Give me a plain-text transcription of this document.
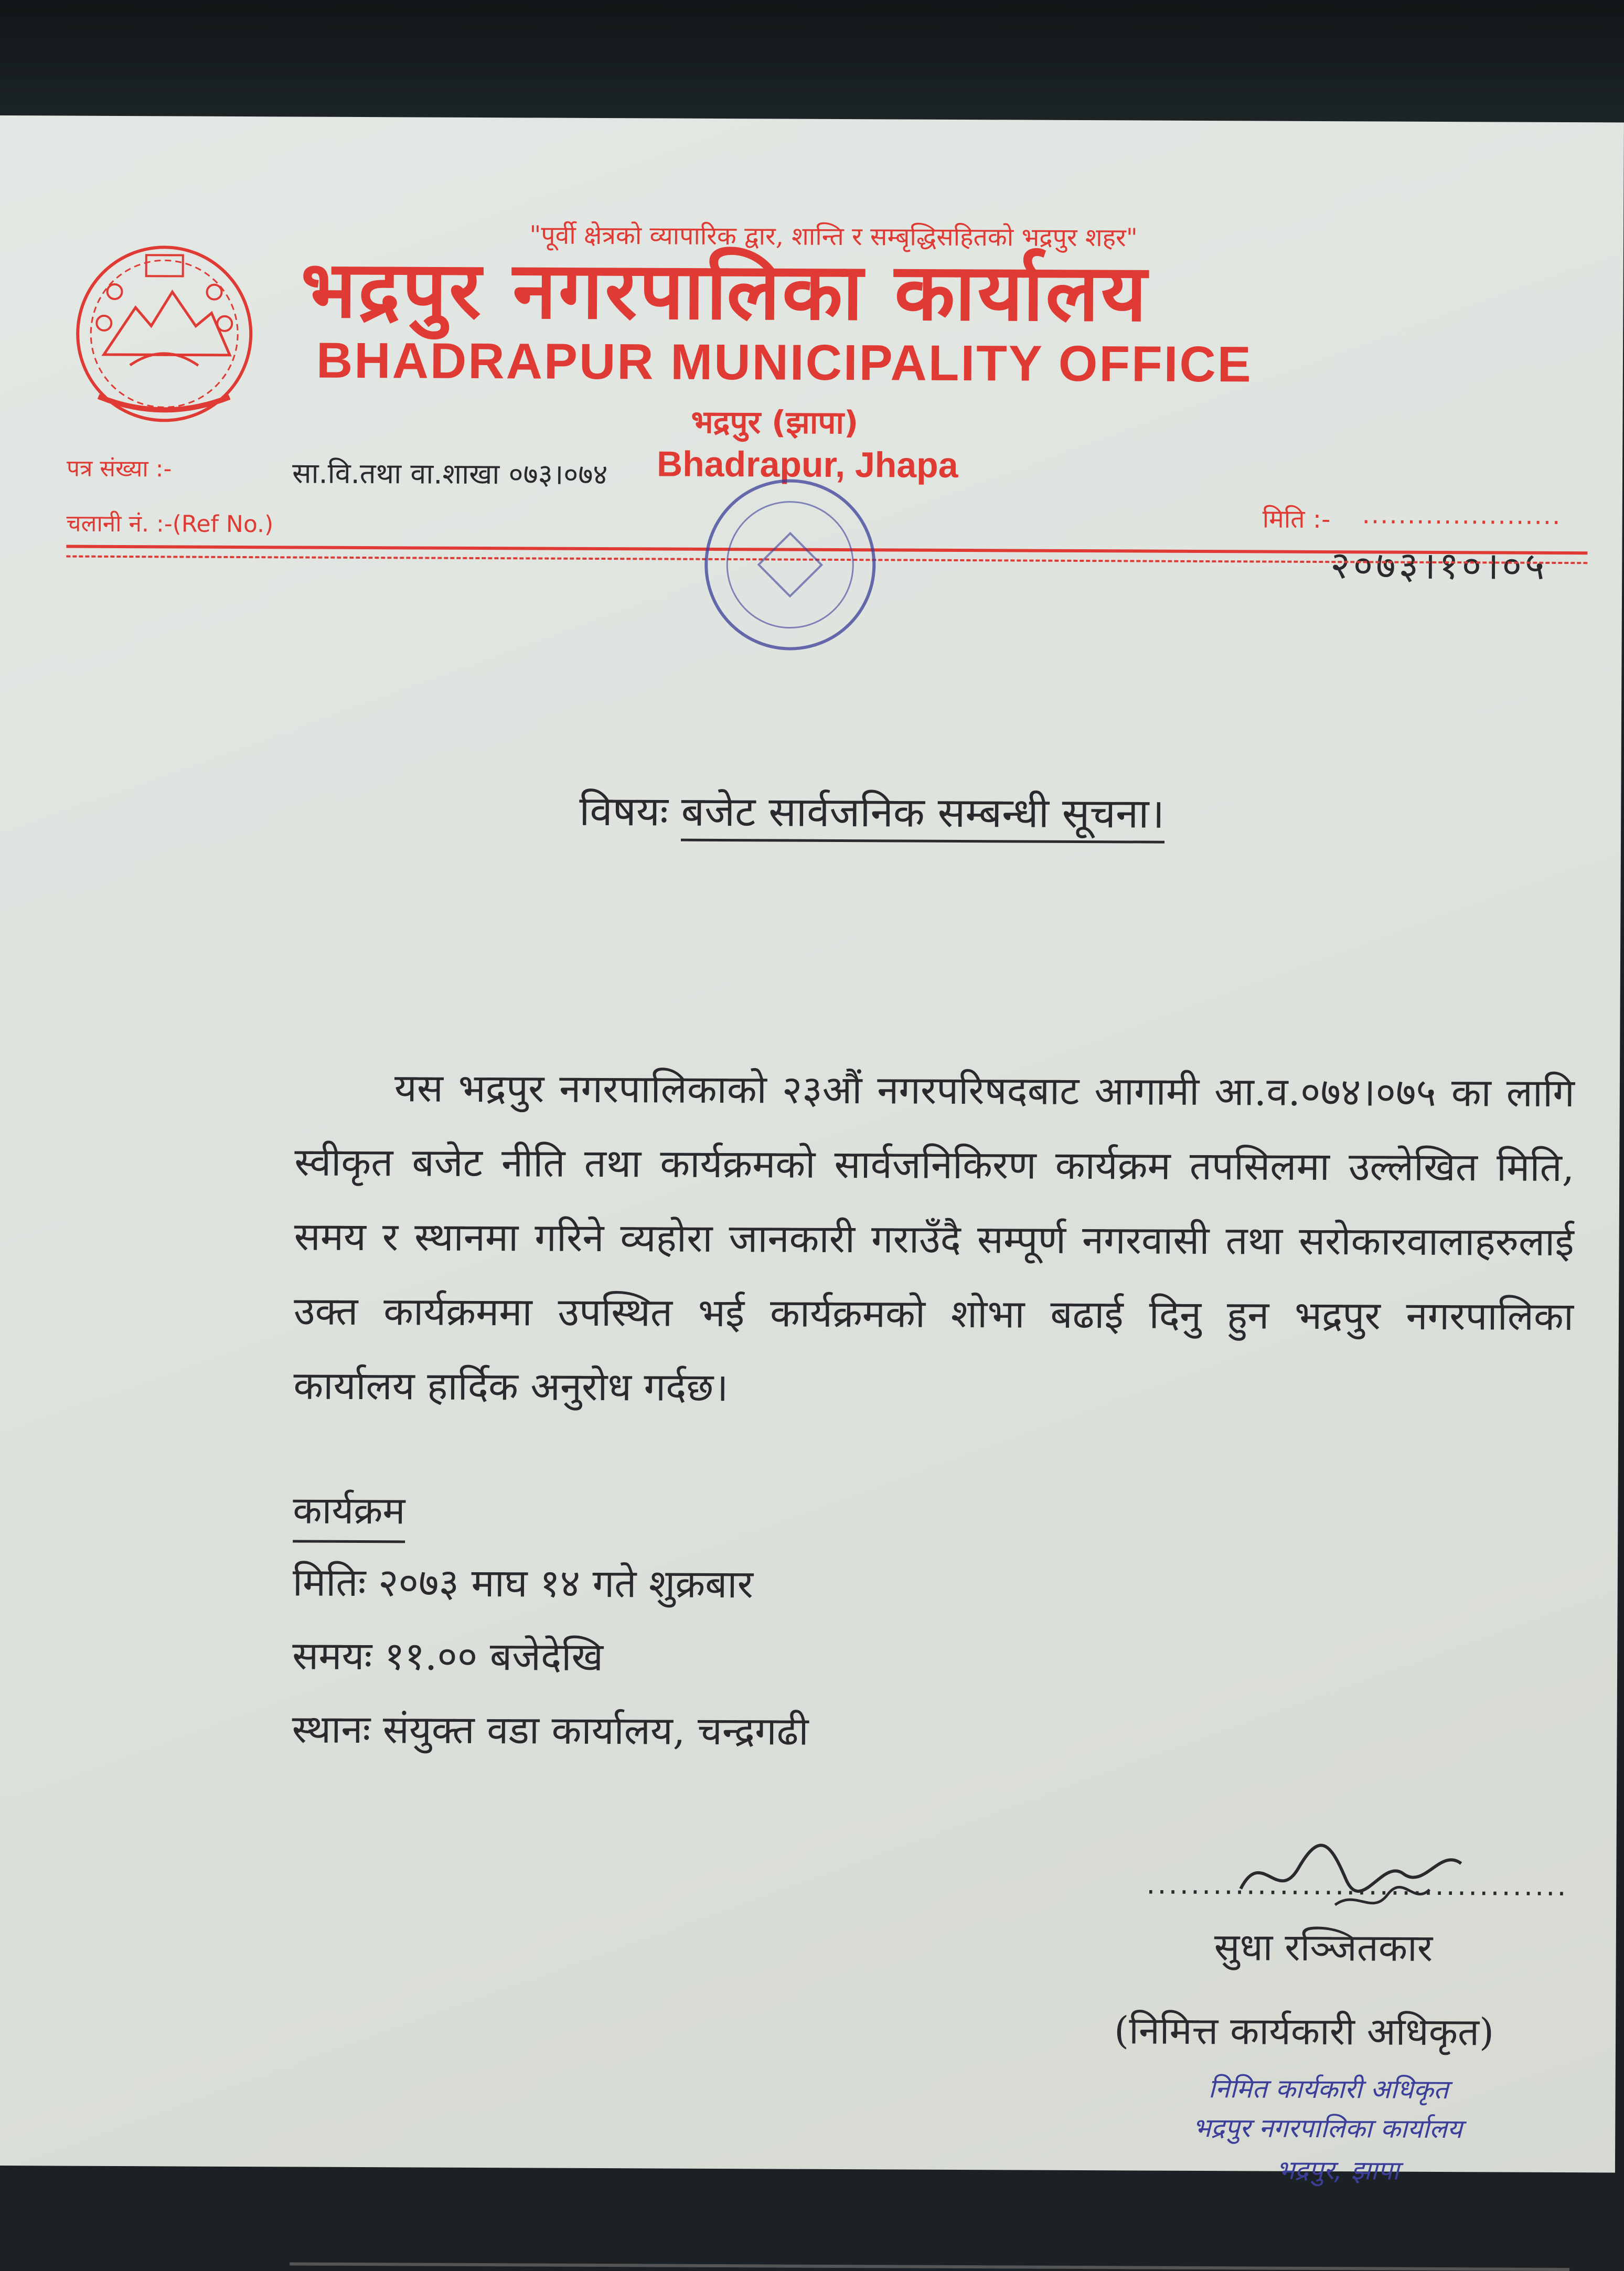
"पूर्वी क्षेत्रको व्यापारिक द्वार, शान्ति र सम्बृद्धिसहितको भद्रपुर शहर"
भद्रपुर नगरपालिका कार्यालय
BHADRAPUR MUNICIPALITY OFFICE
भद्रपुर (झापा)
Bhadrapur, Jhapa
पत्र संख्या :-	सा.वि.तथा वा.शाखा ०७३।०७४
चलानी नं. :-(Ref No.)	मिति :- ......................
२०७३।१०।०५
विषयः बजेट सार्वजनिक सम्बन्धी सूचना।
यस भद्रपुर नगरपालिकाको २३औं नगरपरिषदबाट आगामी आ.व.०७४।०७५ का लागि स्वीकृत बजेट नीति तथा कार्यक्रमको सार्वजनिकिरण कार्यक्रम तपसिलमा उल्लेखित मिति, समय र स्थानमा गरिने व्यहोरा जानकारी गराउँदै सम्पूर्ण नगरवासी तथा सरोकारवालाहरुलाई उक्त कार्यक्रममा उपस्थित भई कार्यक्रमको शोभा बढाई दिनु हुन भद्रपुर नगरपालिका कार्यालय हार्दिक अनुरोध गर्दछ।
कार्यक्रम
मितिः २०७३ माघ १४ गते शुक्रबार
समयः ११.०० बजेदेखि
स्थानः संयुक्त वडा कार्यालय, चन्द्रगढी
......................................
सुधा रञ्जितकार
(निमित्त कार्यकारी अधिकृत)
निमित कार्यकारी अधिकृत
भद्रपुर नगरपालिका कार्यालय
भद्रपुर, झापा
